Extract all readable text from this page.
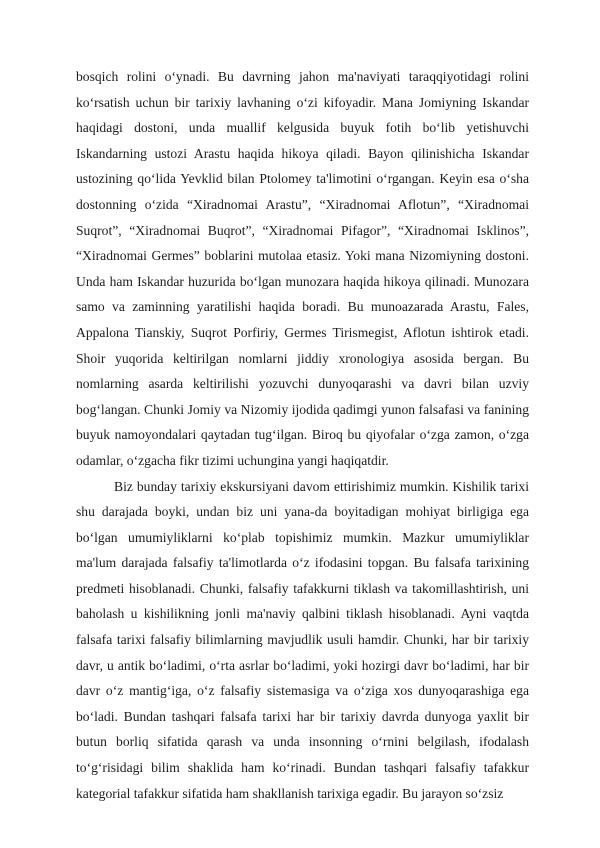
bosqich rolini o‘ynadi. Bu davrning jahon ma'naviyati taraqqiyotidagi rolini ko‘rsatish uchun bir tarixiy lavhaning o‘zi kifoyadir. Mana Jomiyning Iskandar haqidagi dostoni, unda muallif kelgusida buyuk fotih bo‘lib yetishuvchi Iskandarning ustozi Arastu haqida hikoya qiladi. Bayon qilinishicha Iskandar ustozining qo‘lida Yevklid bilan Ptolomey ta'limotini o‘rgangan. Keyin esa o‘sha dostonning o‘zida “Xiradnomai Arastu”, “Xiradnomai Aflotun”, “Xiradnomai Suqrot”, “Xiradnomai Buqrot”, “Xiradnomai Pifagor”, “Xiradnomai Isklinos”, “Xiradnomai Germes” boblarini mutolaa etasiz. Yoki mana Nizomiyning dostoni. Unda ham Iskandar huzurida bo‘lgan munozara haqida hikoya qilinadi. Munozara samo va zaminning yaratilishi haqida boradi. Bu munoazarada Arastu, Fales, Appalona Tianskiy, Suqrot Porfiriy, Germes Tirismegist, Aflotun ishtirok etadi. Shoir yuqorida keltirilgan nomlarni jiddiy xronologiya asosida bergan. Bu nomlarning asarda keltirilishi yozuvchi dunyoqarashi va davri bilan uzviy bog‘langan. Chunki Jomiy va Nizomiy ijodida qadimgi yunon falsafasi va fanining buyuk namoyondalari qaytadan tug‘ilgan. Biroq bu qiyofalar o‘zga zamon, o‘zga odamlar, o‘zgacha fikr tizimi uchungina yangi haqiqatdir.

Biz bunday tarixiy ekskursiyani davom ettirishimiz mumkin. Kishilik tarixi shu darajada boyki, undan biz uni yana-da boyitadigan mohiyat birligiga ega bo‘lgan umumiyliklarni ko‘plab topishimiz mumkin. Mazkur umumiyliklar ma'lum darajada falsafiy ta'limotlarda o‘z ifodasini topgan. Bu falsafa tarixining predmeti hisoblanadi. Chunki, falsafiy tafakkurni tiklash va takomillashtirish, uni baholash u kishilikning jonli ma'naviy qalbini tiklash hisoblanadi. Ayni vaqtda falsafa tarixi falsafiy bilimlarning mavjudlik usuli hamdir. Chunki, har bir tarixiy davr, u antik bo‘ladimi, o‘rta asrlar bo‘ladimi, yoki hozirgi davr bo‘ladimi, har bir davr o‘z mantig‘iga, o‘z falsafiy sistemasiga va o‘ziga xos dunyoqarashiga ega bo‘ladi. Bundan tashqari falsafa tarixi har bir tarixiy davrda dunyoga yaxlit bir butun borliq sifatida qarash va unda insonning o‘rnini belgilash, ifodalash to‘g‘risidagi bilim shaklida ham ko‘rinadi. Bundan tashqari falsafiy tafakkur kategorial tafakkur sifatida ham shakllanish tarixiga egadir. Bu jarayon so‘zsiz
